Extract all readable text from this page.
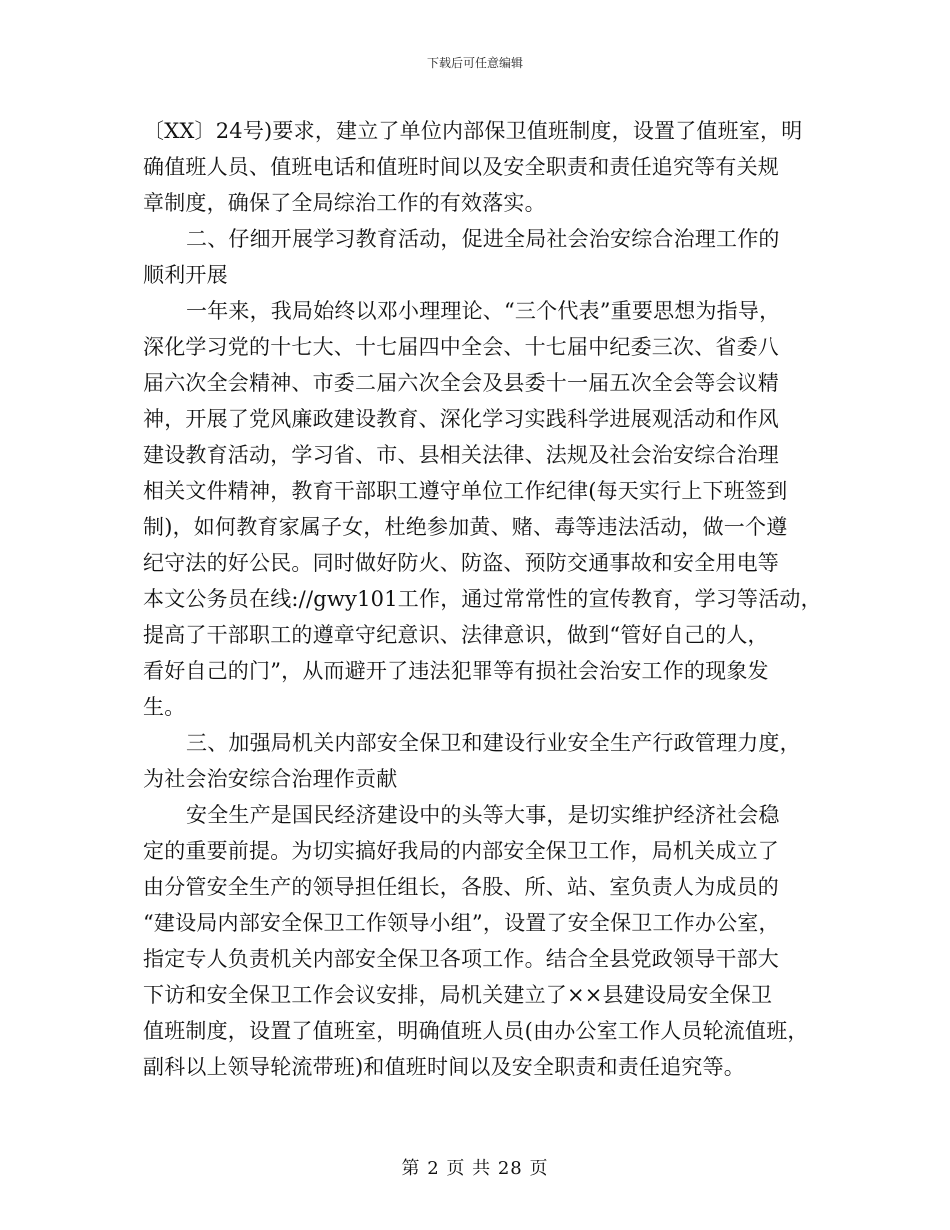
下载后可任意编辑
〔XX〕24号)要求，建立了单位内部保卫值班制度，设置了值班室，明
确值班人员、值班电话和值班时间以及安全职责和责任追究等有关规
章制度，确保了全局综治工作的有效落实。
二、仔细开展学习教育活动，促进全局社会治安综合治理工作的
顺利开展
一年来，我局始终以邓小理理论、“三个代表”重要思想为指导，
深化学习党的十七大、十七届四中全会、十七届中纪委三次、省委八
届六次全会精神、市委二届六次全会及县委十一届五次全会等会议精
神，开展了党风廉政建设教育、深化学习实践科学进展观活动和作风
建设教育活动，学习省、市、县相关法律、法规及社会治安综合治理
相关文件精神，教育干部职工遵守单位工作纪律(每天实行上下班签到
制)，如何教育家属子女，杜绝参加黄、赌、毒等违法活动，做一个遵
纪守法的好公民。同时做好防火、防盗、预防交通事故和安全用电等
本文公务员在线://gwy101工作，通过常常性的宣传教育，学习等活动，
提高了干部职工的遵章守纪意识、法律意识，做到“管好自己的人，
看好自己的门”，从而避开了违法犯罪等有损社会治安工作的现象发
生。
三、加强局机关内部安全保卫和建设行业安全生产行政管理力度，
为社会治安综合治理作贡献
安全生产是国民经济建设中的头等大事，是切实维护经济社会稳
定的重要前提。为切实搞好我局的内部安全保卫工作，局机关成立了
由分管安全生产的领导担任组长，各股、所、站、室负责人为成员的
“建设局内部安全保卫工作领导小组”，设置了安全保卫工作办公室，
指定专人负责机关内部安全保卫各项工作。结合全县党政领导干部大
下访和安全保卫工作会议安排，局机关建立了××县建设局安全保卫
值班制度，设置了值班室，明确值班人员(由办公室工作人员轮流值班，
副科以上领导轮流带班)和值班时间以及安全职责和责任追究等。
第 2 页 共 28 页
